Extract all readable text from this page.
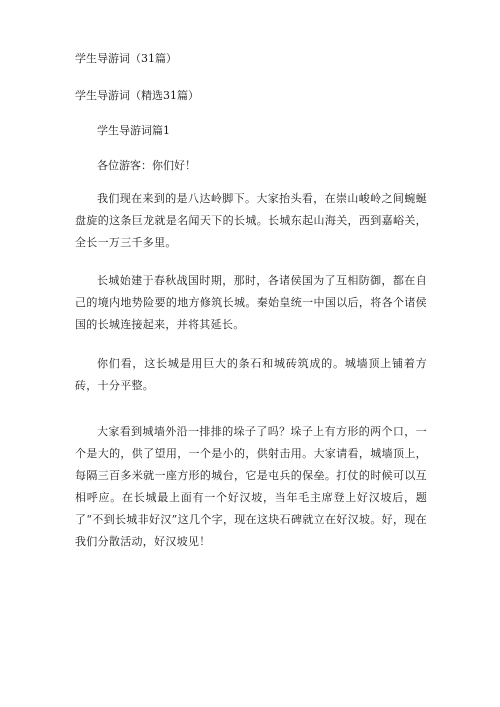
学生导游词（31篇）
学生导游词（精选31篇）
学生导游词篇1
各位游客：你们好！
我们现在来到的是八达岭脚下。大家抬头看，在崇山峻岭之间蜿蜒盘旋的这条巨龙就是名闻天下的长城。长城东起山海关，西到嘉峪关，全长一万三千多里。
长城始建于春秋战国时期，那时，各诸侯国为了互相防御，都在自己的境内地势险要的地方修筑长城。秦始皇统一中国以后，将各个诸侯国的长城连接起来，并将其延长。
你们看，这长城是用巨大的条石和城砖筑成的。城墙顶上铺着方砖，十分平整。
大家看到城墙外沿一排排的垛子了吗？垛子上有方形的两个口，一个是大的，供了望用，一个是小的，供射击用。大家请看，城墙顶上，每隔三百多米就一座方形的城台，它是屯兵的保垒。打仗的时候可以互相呼应。在长城最上面有一个好汉坡，当年毛主席登上好汉坡后，题了“不到长城非好汉”这几个字，现在这块石碑就立在好汉坡。好，现在我们分散活动，好汉坡见！
